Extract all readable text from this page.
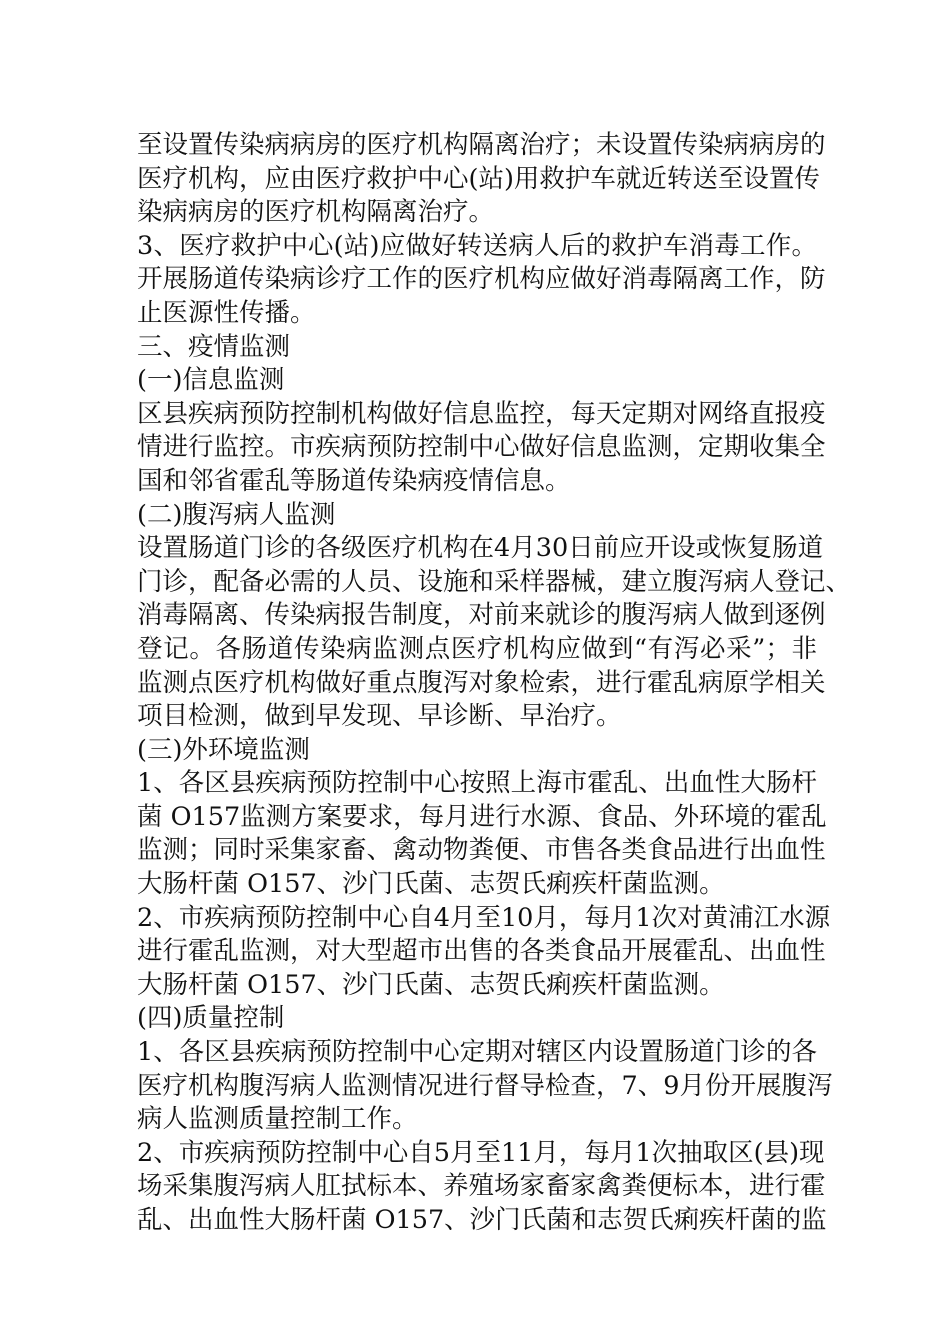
至设置传染病病房的医疗机构隔离治疗；未设置传染病病房的
医疗机构，应由医疗救护中心(站)用救护车就近转送至设置传
染病病房的医疗机构隔离治疗。
3、医疗救护中心(站)应做好转送病人后的救护车消毒工作。
开展肠道传染病诊疗工作的医疗机构应做好消毒隔离工作，防
止医源性传播。
三、疫情监测
(一)信息监测
区县疾病预防控制机构做好信息监控，每天定期对网络直报疫
情进行监控。市疾病预防控制中心做好信息监测，定期收集全
国和邻省霍乱等肠道传染病疫情信息。
(二)腹泻病人监测
设置肠道门诊的各级医疗机构在4月30日前应开设或恢复肠道
门诊，配备必需的人员、设施和采样器械，建立腹泻病人登记、
消毒隔离、传染病报告制度，对前来就诊的腹泻病人做到逐例
登记。各肠道传染病监测点医疗机构应做到“有泻必采”；非
监测点医疗机构做好重点腹泻对象检索，进行霍乱病原学相关
项目检测，做到早发现、早诊断、早治疗。
(三)外环境监测
1、各区县疾病预防控制中心按照上海市霍乱、出血性大肠杆
菌 O157监测方案要求，每月进行水源、食品、外环境的霍乱
监测；同时采集家畜、禽动物粪便、市售各类食品进行出血性
大肠杆菌 O157、沙门氏菌、志贺氏痢疾杆菌监测。
2、市疾病预防控制中心自4月至10月，每月1次对黄浦江水源
进行霍乱监测，对大型超市出售的各类食品开展霍乱、出血性
大肠杆菌 O157、沙门氏菌、志贺氏痢疾杆菌监测。
(四)质量控制
1、各区县疾病预防控制中心定期对辖区内设置肠道门诊的各
医疗机构腹泻病人监测情况进行督导检查，7、9月份开展腹泻
病人监测质量控制工作。
2、市疾病预防控制中心自5月至11月，每月1次抽取区(县)现
场采集腹泻病人肛拭标本、养殖场家畜家禽粪便标本，进行霍
乱、出血性大肠杆菌 O157、沙门氏菌和志贺氏痢疾杆菌的监
